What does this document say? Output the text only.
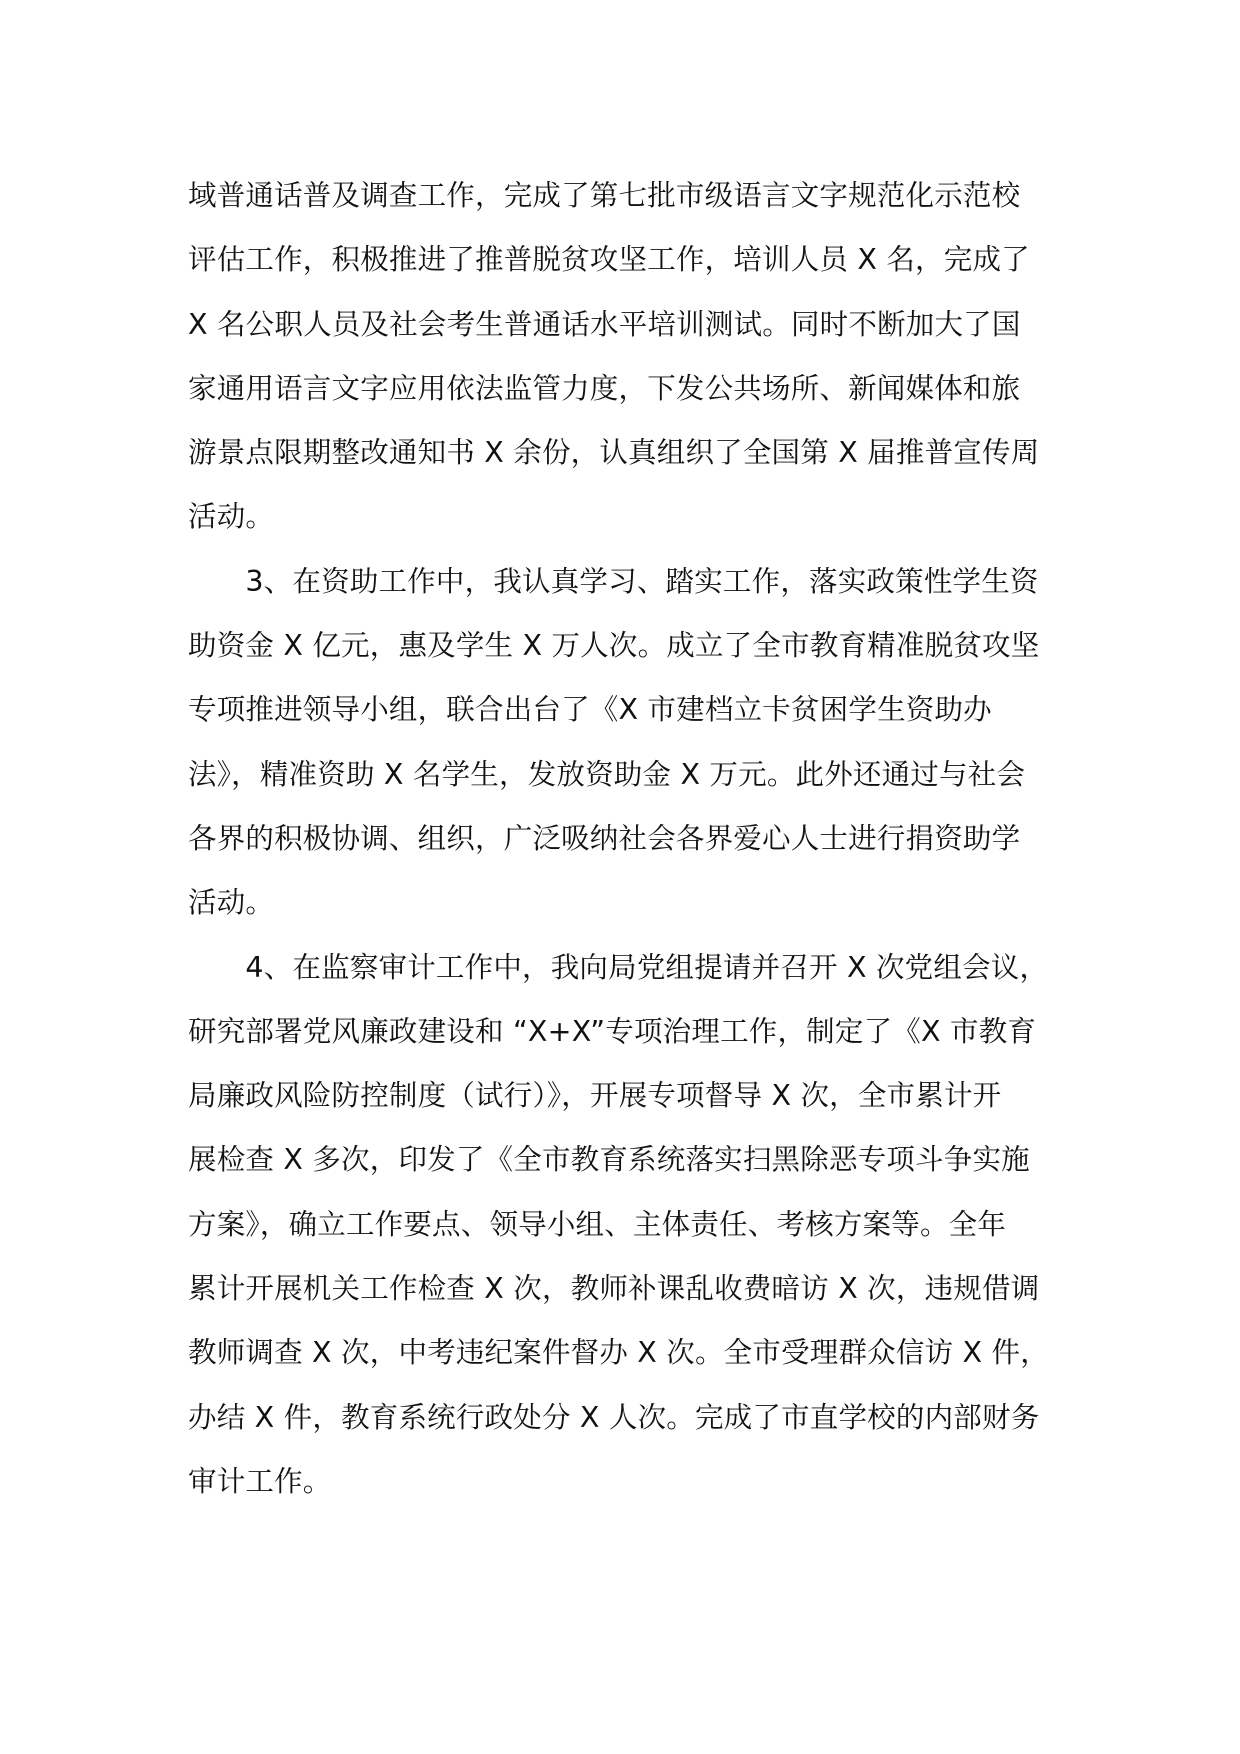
域普通话普及调查工作，完成了第七批市级语言文字规范化示范校
评估工作，积极推进了推普脱贫攻坚工作，培训人员 X 名，完成了
X 名公职人员及社会考生普通话水平培训测试。同时不断加大了国
家通用语言文字应用依法监管力度，下发公共场所、新闻媒体和旅
游景点限期整改通知书 X 余份，认真组织了全国第 X 届推普宣传周
活动。
　　3、在资助工作中，我认真学习、踏实工作，落实政策性学生资
助资金 X 亿元，惠及学生 X 万人次。成立了全市教育精准脱贫攻坚
专项推进领导小组，联合出台了《X 市建档立卡贫困学生资助办
法》，精准资助 X 名学生，发放资助金 X 万元。此外还通过与社会
各界的积极协调、组织，广泛吸纳社会各界爱心人士进行捐资助学
活动。
　　4、在监察审计工作中，我向局党组提请并召开 X 次党组会议，
研究部署党风廉政建设和 “X+X”专项治理工作，制定了《X 市教育
局廉政风险防控制度（试行）》，开展专项督导 X 次，全市累计开
展检查 X 多次，印发了《全市教育系统落实扫黑除恶专项斗争实施
方案》，确立工作要点、领导小组、主体责任、考核方案等。全年
累计开展机关工作检查 X 次，教师补课乱收费暗访 X 次，违规借调
教师调查 X 次，中考违纪案件督办 X 次。全市受理群众信访 X 件，
办结 X 件，教育系统行政处分 X 人次。完成了市直学校的内部财务
审计工作。
